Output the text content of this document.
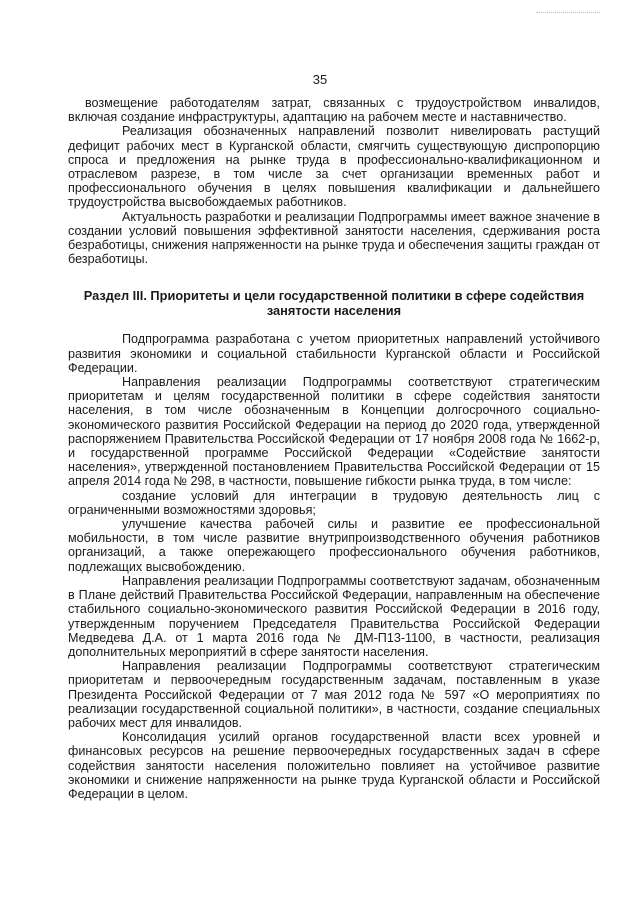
35

возмещение работодателям затрат, связанных с трудоустройством инвалидов, включая создание инфраструктуры, адаптацию на рабочем месте и наставничество.

Реализация обозначенных направлений позволит нивелировать растущий дефицит рабочих мест в Курганской области, смягчить существующую диспропорцию спроса и предложения на рынке труда в профессионально-квалификационном и отраслевом разрезе, в том числе за счет организации временных работ и профессионального обучения в целях повышения квалификации и дальнейшего трудоустройства высвобождаемых работников.

Актуальность разработки и реализации Подпрограммы имеет важное значение в создании условий повышения эффективной занятости населения, сдерживания роста безработицы, снижения напряженности на рынке труда и обеспечения защиты граждан от безработицы.

Раздел III. Приоритеты и цели государственной политики в сфере содействия занятости населения

Подпрограмма разработана с учетом приоритетных направлений устойчивого развития экономики и социальной стабильности Курганской области и Российской Федерации.

Направления реализации Подпрограммы соответствуют стратегическим приоритетам и целям государственной политики в сфере содействия занятости населения, в том числе обозначенным в Концепции долгосрочного социально-экономического развития Российской Федерации на период до 2020 года, утвержденной распоряжением Правительства Российской Федерации от 17 ноября 2008 года № 1662-р, и государственной программе Российской Федерации «Содействие занятости населения», утвержденной постановлением Правительства Российской Федерации от 15 апреля 2014 года № 298, в частности, повышение гибкости рынка труда, в том числе:

создание условий для интеграции в трудовую деятельность лиц с ограниченными возможностями здоровья;

улучшение качества рабочей силы и развитие ее профессиональной мобильности, в том числе развитие внутрипроизводственного обучения работников организаций, а также опережающего профессионального обучения работников, подлежащих высвобождению.

Направления реализации Подпрограммы соответствуют задачам, обозначенным в Плане действий Правительства Российской Федерации, направленным на обеспечение стабильного социально-экономического развития Российской Федерации в 2016 году, утвержденным поручением Председателя Правительства Российской Федерации Медведева Д.А. от 1 марта 2016 года № ДМ-П13-1100, в частности, реализация дополнительных мероприятий в сфере занятости населения.

Направления реализации Подпрограммы соответствуют стратегическим приоритетам и первоочередным государственным задачам, поставленным в указе Президента Российской Федерации от 7 мая 2012 года № 597 «О мероприятиях по реализации государственной социальной политики», в частности, создание специальных рабочих мест для инвалидов.

Консолидация усилий органов государственной власти всех уровней и финансовых ресурсов на решение первоочередных государственных задач в сфере содействия занятости населения положительно повлияет на устойчивое развитие экономики и снижение напряженности на рынке труда Курганской области и Российской Федерации в целом.
